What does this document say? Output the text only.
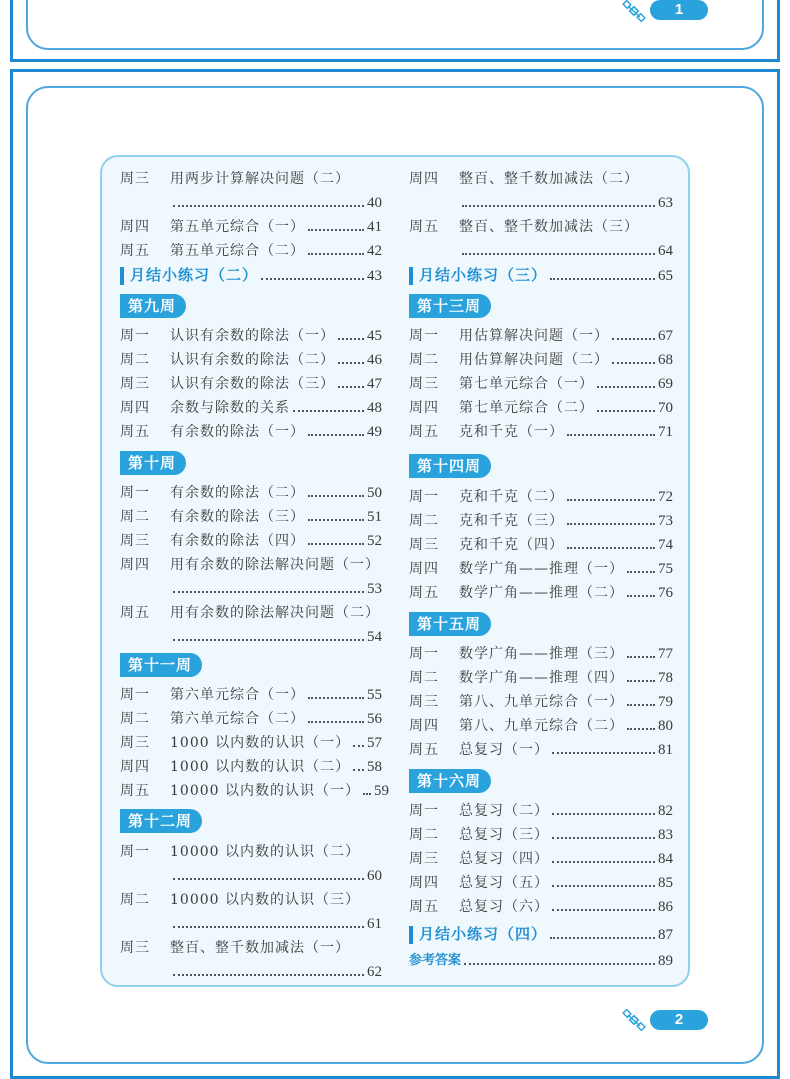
1
周三	用两步计算解决问题（二）
40
周四	第五单元综合（一）	41
周五	第五单元综合（二）	42
月结小练习（二）	43
第九周
周一	认识有余数的除法（一） 45
周二	认识有余数的除法（二） 46
周三	认识有余数的除法（三） 47
周四	余数与除数的关系	48
周五	有余数的除法（一）	49
第十周
周一	有余数的除法（二）	50
周二	有余数的除法（三）	51
周三	有余数的除法（四）	52
周四	用有余数的除法解决问题（一）
53
周五	用有余数的除法解决问题（二）
54
第十一周
周一	第六单元综合（一）	55
周二	第六单元综合（二）	56
周三	1000 以内数的认识（一） 57
周四	1000 以内数的认识（二） 58
周五	10000 以内数的认识（一） 59
第十二周
周一	10000 以内数的认识（二）
60
周二	10000 以内数的认识（三）
61
周三	整百、整千数加减法（一）
62
周四	整百、整千数加减法（二）
63
周五	整百、整千数加减法（三）
64
月结小练习（三）	65
第十三周
周一	用估算解决问题（一）	67
周二	用估算解决问题（二）	68
周三	第七单元综合（一）	69
周四	第七单元综合（二）	70
周五	克和千克（一）	71
第十四周
周一	克和千克（二）	72
周二	克和千克（三）	73
周三	克和千克（四）	74
周四	数学广角——推理（一） 75
周五	数学广角——推理（二） 76
第十五周
周一	数学广角——推理（三） 77
周二	数学广角——推理（四） 78
周三	第八、九单元综合（一） 79
周四	第八、九单元综合（二） 80
周五	总复习（一）	81
第十六周
周一	总复习（二）	82
周二	总复习（三）	83
周三	总复习（四）	84
周四	总复习（五）	85
周五	总复习（六）	86
月结小练习（四）	87
参考答案	89
2
